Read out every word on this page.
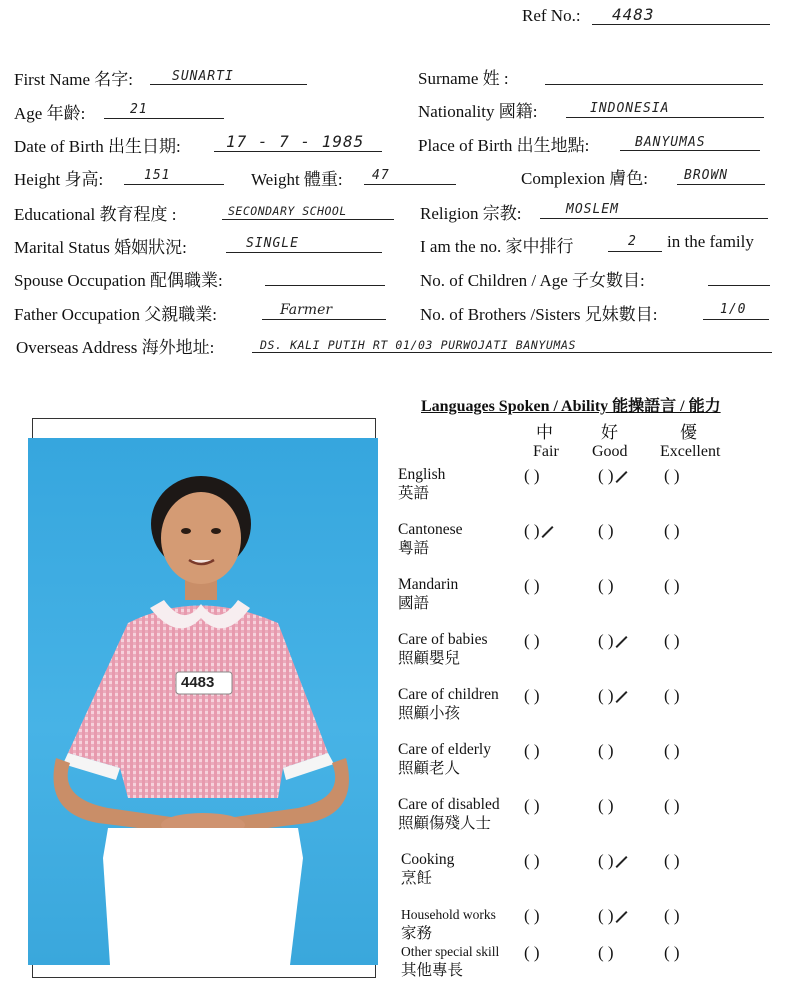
Ref No.: 4483
First Name 名字:	SUNARTI	Surname 姓 :
Age 年齡:	21	Nationality 國籍:	INDONESIA
Date of Birth 出生日期:	17 - 7 - 1985	Place of Birth 出生地點:	BANYUMAS
Height 身高:	151	Weight 體重: 47	Complexion 膚色:	BROWN
Educational 教育程度 :	SECONDARY SCHOOL	Religion 宗教:	MOSLEM
Marital Status 婚姻狀況:	SINGLE	I am the no. 家中排行	2 in the family
Spouse Occupation 配偶職業:	No. of Children / Age 子女數目:
Father Occupation 父親職業:	Farmer	No. of Brothers /Sisters 兄妹數目:	1/0
Overseas Address 海外地址:	DS. KALI PUTIH RT 01/03 PURWOJATI BANYUMAS
Languages Spoken / Ability 能操語言 / 能力
中	好	優
Fair Good Excellent
English
英語
( )	( )	( )
Cantonese
粵語
( )	( )	( )
Mandarin
國語
( )	( )	( )
Care of babies
照顧嬰兒
( )	( )	( )
Care of children
照顧小孩
( )	( )	( )
Care of elderly
照顧老人
( )	( )	( )
Care of disabled
照顧傷殘人士
( )	( )	( )
Cooking
烹飪
( )	( )	( )
Household works
家務
( )	( )	( )
Other special skill
其他專長
( )	( )	( )
4483
